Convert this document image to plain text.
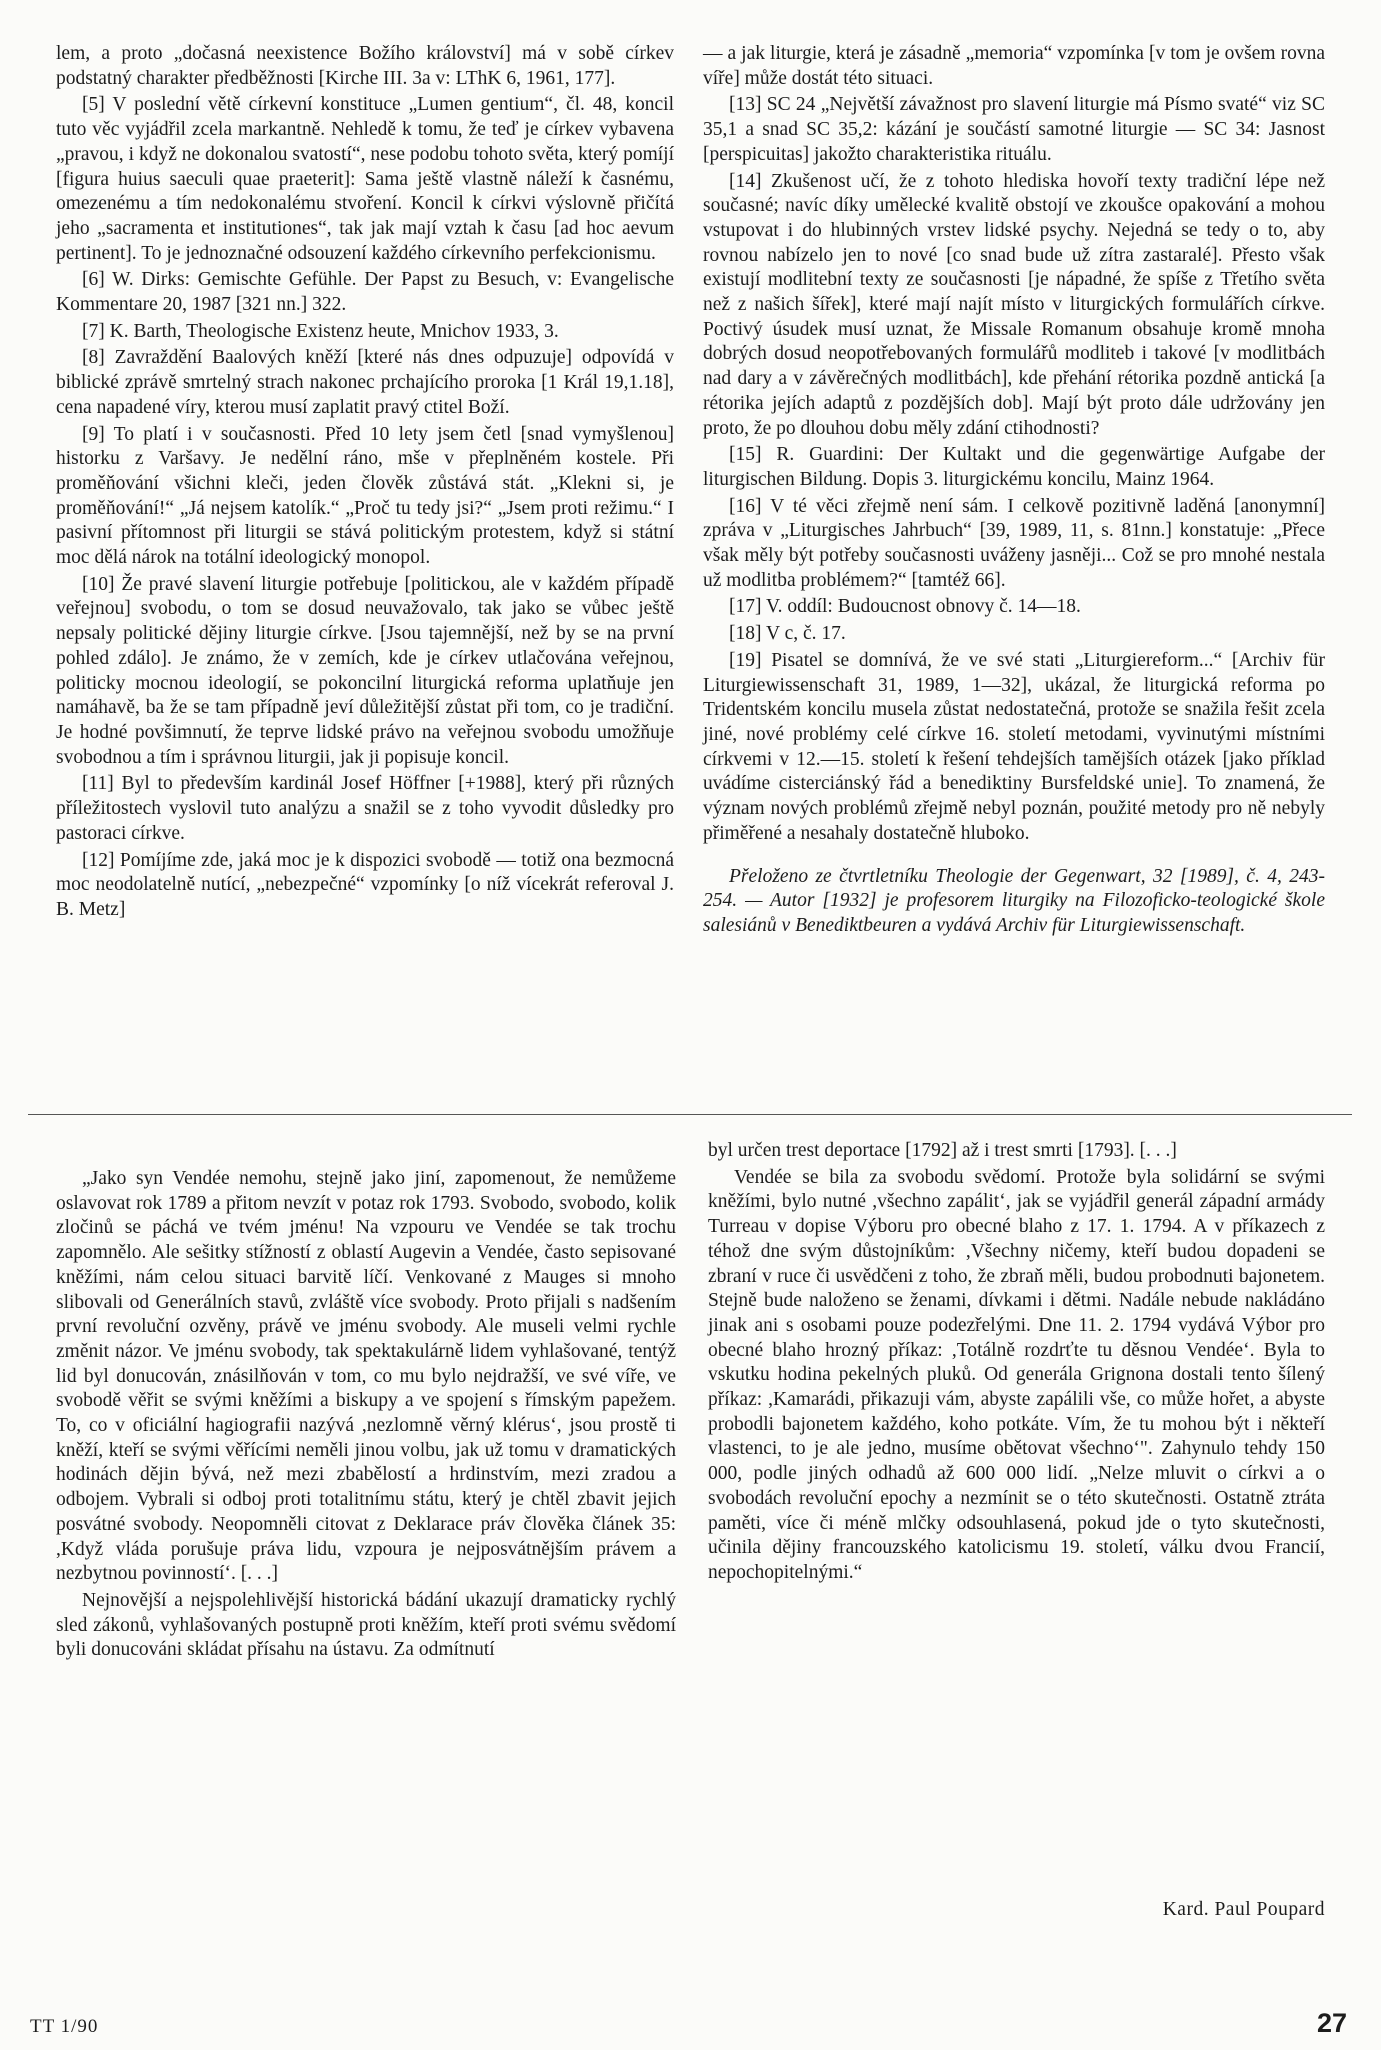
lem, a proto „dočasná neexistence Božího království] má v sobě církev podstatný charakter předběžnosti [Kirche III. 3a v: LThK 6, 1961, 177].

[5] V poslední větě církevní konstituce „Lumen gentium“, čl. 48, koncil tuto věc vyjádřil zcela markantně. Nehledě k tomu, že teď je církev vybavena „pravou, i když ne dokonalou svatostí“, nese podobu tohoto světa, který pomíjí [figura huius saeculi quae praeterit]: Sama ještě vlastně náleží k časnému, omezenému a tím nedokonalému stvoření. Koncil k církvi výslovně přičítá jeho „sacramenta et institutiones“, tak jak mají vztah k času [ad hoc aevum pertinent]. To je jednoznačné odsouzení každého církevního perfekcionismu.

[6] W. Dirks: Gemischte Gefühle. Der Papst zu Besuch, v: Evangelische Kommentare 20, 1987 [321 nn.] 322.

[7] K. Barth, Theologische Existenz heute, Mnichov 1933, 3.

[8] Zavraždění Baalových kněží [které nás dnes odpuzuje] odpovídá v biblické zprávě smrtelný strach nakonec prchajícího proroka [1 Král 19,1.18], cena napadené víry, kterou musí zaplatit pravý ctitel Boží.

[9] To platí i v současnosti. Před 10 lety jsem četl [snad vymyšlenou] historku z Varšavy. Je nedělní ráno, mše v přeplněném kostele. Při proměňování všichni kleči, jeden člověk zůstává stát. „Klekni si, je proměňování!“ „Já nejsem katolík.“ „Proč tu tedy jsi?“ „Jsem proti režimu.“ I pasivní přítomnost při liturgii se stává politickým protestem, když si státní moc dělá nárok na totální ideologický monopol.

[10] Že pravé slavení liturgie potřebuje [politickou, ale v každém případě veřejnou] svobodu, o tom se dosud neuvažovalo, tak jako se vůbec ještě nepsaly politické dějiny liturgie církve. [Jsou tajemnější, než by se na první pohled zdálo]. Je známo, že v zemích, kde je církev utlačována veřejnou, politicky mocnou ideologií, se pokoncilní liturgická reforma uplatňuje jen namáhavě, ba že se tam případně jeví důležitější zůstat při tom, co je tradiční. Je hodné povšimnutí, že teprve lidské právo na veřejnou svobodu umožňuje svobodnou a tím i správnou liturgii, jak ji popisuje koncil.

[11] Byl to především kardinál Josef Höffner [+1988], který při různých příležitostech vyslovil tuto analýzu a snažil se z toho vyvodit důsledky pro pastoraci církve.

[12] Pomíjíme zde, jaká moc je k dispozici svobodě — totiž ona bezmocná moc neodolatelně nutící, „nebezpečné“ vzpomínky [o níž vícekrát referoval J. B. Metz]

— a jak liturgie, která je zásadně „memoria“ vzpomínka [v tom je ovšem rovna víře] může dostát této situaci.

[13] SC 24 „Největší závažnost pro slavení liturgie má Písmo svaté“ viz SC 35,1 a snad SC 35,2: kázání je součástí samotné liturgie — SC 34: Jasnost [perspicuitas] jakožto charakteristika rituálu.

[14] Zkušenost učí, že z tohoto hlediska hovoří texty tradiční lépe než současné; navíc díky umělecké kvalitě obstojí ve zkoušce opakování a mohou vstupovat i do hlubinných vrstev lidské psychy. Nejedná se tedy o to, aby rovnou nabízelo jen to nové [co snad bude už zítra zastaralé]. Přesto však existují modlitební texty ze současnosti [je nápadné, že spíše z Třetího světa než z našich šířek], které mají najít místo v liturgických formulářích církve. Poctivý úsudek musí uznat, že Missale Romanum obsahuje kromě mnoha dobrých dosud neopotřebovaných formulářů modliteb i takové [v modlitbách nad dary a v závěrečných modlitbách], kde přehání rétorika pozdně antická [a rétorika jejích adaptů z pozdějších dob]. Mají být proto dále udržovány jen proto, že po dlouhou dobu měly zdání ctihodnosti?

[15] R. Guardini: Der Kultakt und die gegenwärtige Aufgabe der liturgischen Bildung. Dopis 3. liturgickému koncilu, Mainz 1964.

[16] V té věci zřejmě není sám. I celkově pozitivně laděná [anonymní] zpráva v „Liturgisches Jahrbuch“ [39, 1989, 11, s. 81nn.] konstatuje: „Přece však měly být potřeby současnosti uváženy jasněji... Což se pro mnohé nestala už modlitba problémem?“ [tamtéž 66].

[17] V. oddíl: Budoucnost obnovy č. 14—18.

[18] V c, č. 17.

[19] Pisatel se domnívá, že ve své stati „Liturgiereform...“ [Archiv für Liturgiewissenschaft 31, 1989, 1—32], ukázal, že liturgická reforma po Tridentském koncilu musela zůstat nedostatečná, protože se snažila řešit zcela jiné, nové problémy celé církve 16. století metodami, vyvinutými místními církvemi v 12.—15. století k řešení tehdejších tamějších otázek [jako příklad uvádíme cisterciánský řád a benediktiny Bursfeldské unie]. To znamená, že význam nových problémů zřejmě nebyl poznán, použité metody pro ně nebyly přiměřené a nesahaly dostatečně hluboko.

Přeloženo ze čtvrtletníku Theologie der Gegenwart, 32 [1989], č. 4, 243-254. — Autor [1932] je profesorem liturgiky na Filozoficko-teologické škole salesiánů v Benediktbeuren a vydává Archiv für Liturgiewissenschaft.

„Jako syn Vendée nemohu, stejně jako jiní, zapomenout, že nemůžeme oslavovat rok 1789 a přitom nevzít v potaz rok 1793. Svobodo, svobodo, kolik zločinů se páchá ve tvém jménu! Na vzpouru ve Vendée se tak trochu zapomnělo. Ale sešitky stížností z oblastí Augevin a Vendée, často sepisované kněžími, nám celou situaci barvitě líčí. Venkované z Mauges si mnoho slibovali od Generálních stavů, zvláště více svobody. Proto přijali s nadšením první revoluční ozvěny, právě ve jménu svobody. Ale museli velmi rychle změnit názor. Ve jménu svobody, tak spektakulárně lidem vyhlašované, tentýž lid byl donucován, znásilňován v tom, co mu bylo nejdražší, ve své víře, ve svobodě věřit se svými kněžími a biskupy a ve spojení s římským papežem. To, co v oficiální hagiografii nazývá ,nezlomně věrný klérus‘, jsou prostě ti kněží, kteří se svými věřícími neměli jinou volbu, jak už tomu v dramatických hodinách dějin bývá, než mezi zbabělostí a hrdinstvím, mezi zradou a odbojem. Vybrali si odboj proti totalitnímu státu, který je chtěl zbavit jejich posvátné svobody. Neopomněli citovat z Deklarace práv člověka článek 35: ,Když vláda porušuje práva lidu, vzpoura je nejposvátnějším právem a nezbytnou povinností‘. [. . .]

Nejnovější a nejspolehlivější historická bádání ukazují dramaticky rychlý sled zákonů, vyhlašovaných postupně proti kněžím, kteří proti svému svědomí byli donucováni skládat přísahu na ústavu. Za odmítnutí

byl určen trest deportace [1792] až i trest smrti [1793]. [. . .]

Vendée se bila za svobodu svědomí. Protože byla solidární se svými kněžími, bylo nutné ,všechno zapálit‘, jak se vyjádřil generál západní armády Turreau v dopise Výboru pro obecné blaho z 17. 1. 1794. A v příkazech z téhož dne svým důstojníkům: ,Všechny ničemy, kteří budou dopadeni se zbraní v ruce či usvědčeni z toho, že zbraň měli, budou probodnuti bajonetem. Stejně bude naloženo se ženami, dívkami i dětmi. Nadále nebude nakládáno jinak ani s osobami pouze podezřelými. Dne 11. 2. 1794 vydává Výbor pro obecné blaho hrozný příkaz: ,Totálně rozdrťte tu děsnou Vendée‘. Byla to vskutku hodina pekelných pluků. Od generála Grignona dostali tento šílený příkaz: ,Kamarádi, přikazuji vám, abyste zapálili vše, co může hořet, a abyste probodli bajonetem každého, koho potkáte. Vím, že tu mohou být i někteří vlastenci, to je ale jedno, musíme obětovat všechno‘". Zahynulo tehdy 150 000, podle jiných odhadů až 600 000 lidí. „Nelze mluvit o církvi a o svobodách revoluční epochy a nezmínit se o této skutečnosti. Ostatně ztráta paměti, více či méně mlčky odsouhlasená, pokud jde o tyto skutečnosti, učinila dějiny francouzského katolicismu 19. století, válku dvou Francií, nepochopitelnými.“

Kard. Paul Poupard
TT 1/90	27
